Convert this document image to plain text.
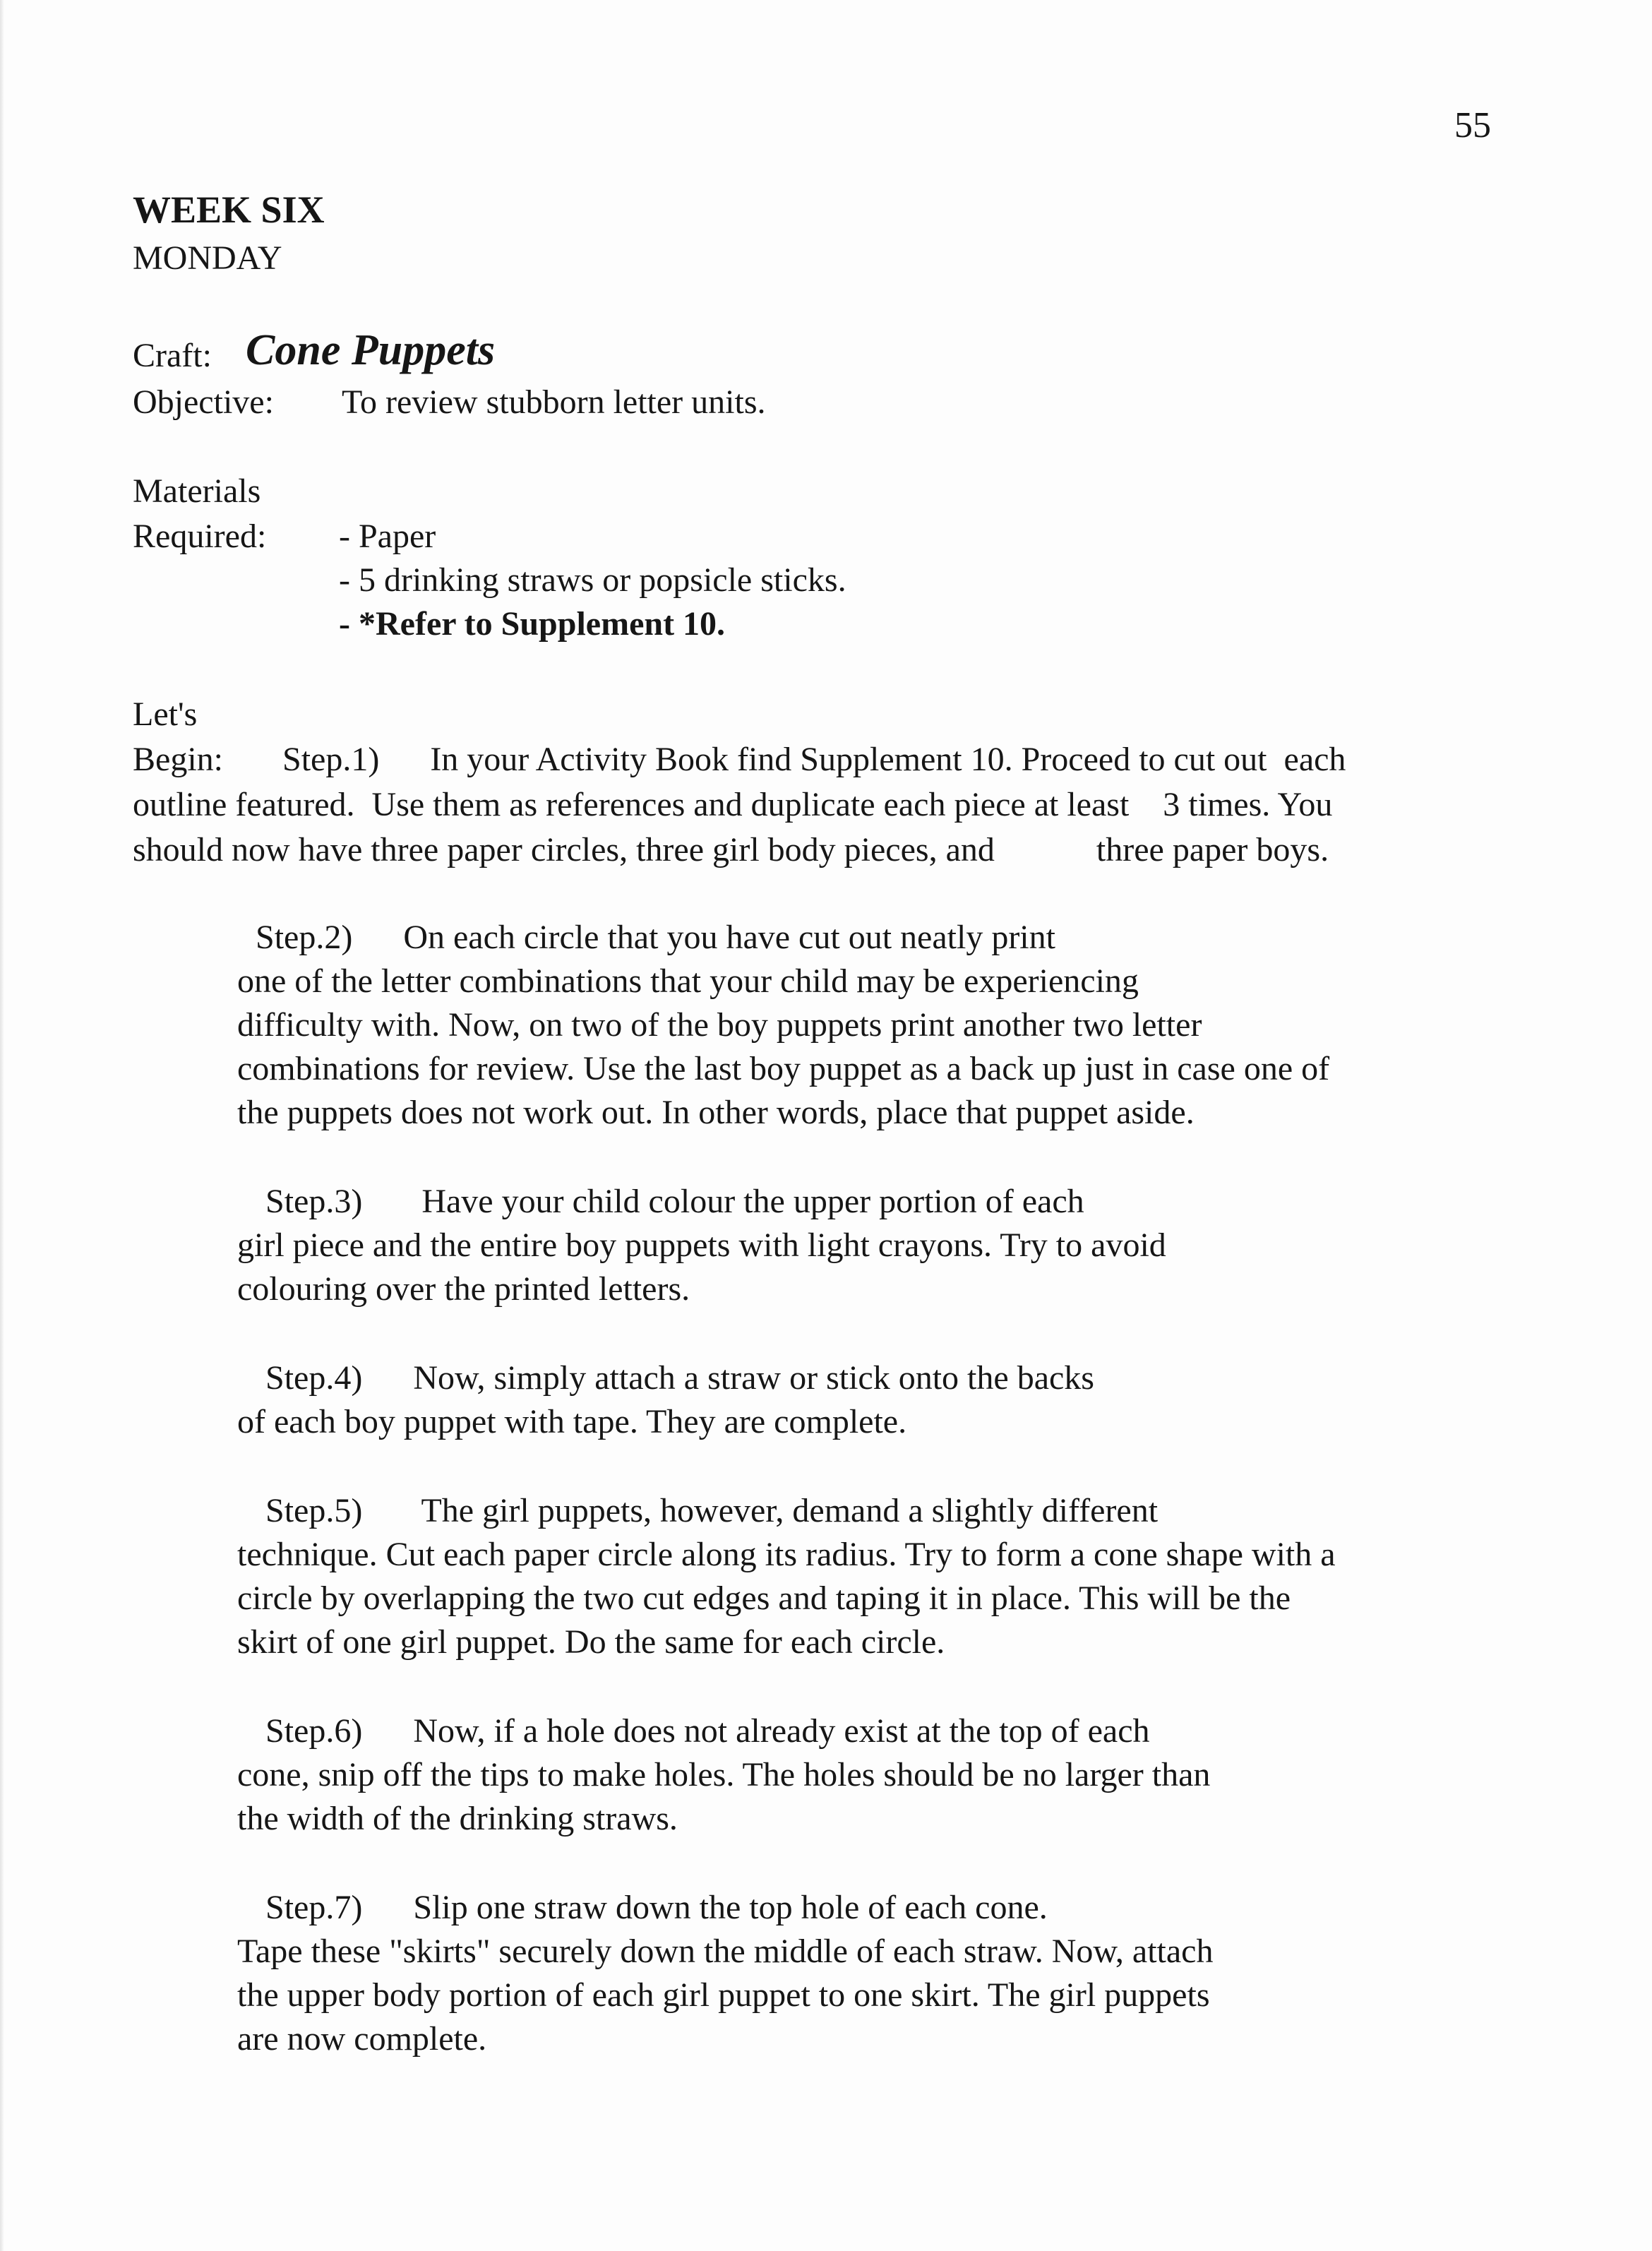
55
WEEK SIX
MONDAY
Craft: Cone Puppets
Objective: To review stubborn letter units.
Materials
Required: - Paper
- 5 drinking straws or popsicle sticks.
- *Refer to Supplement 10.
Let's
Begin: Step.1)      In your Activity Book find Supplement 10. Proceed to cut out  each
outline featured.  Use them as references and duplicate each piece at least    3 times. You
should now have three paper circles, three girl body pieces, and            three paper boys.
Step.2)      On each circle that you have cut out neatly print
one of the letter combinations that your child may be experiencing
difficulty with. Now, on two of the boy puppets print another two letter
combinations for review. Use the last boy puppet as a back up just in case one of
the puppets does not work out. In other words, place that puppet aside.
Step.3)       Have your child colour the upper portion of each
girl piece and the entire boy puppets with light crayons. Try to avoid
colouring over the printed letters.
Step.4)      Now, simply attach a straw or stick onto the backs
of each boy puppet with tape. They are complete.
Step.5)       The girl puppets, however, demand a slightly different
technique. Cut each paper circle along its radius. Try to form a cone shape with a
circle by overlapping the two cut edges and taping it in place. This will be the
skirt of one girl puppet. Do the same for each circle.
Step.6)      Now, if a hole does not already exist at the top of each
cone, snip off the tips to make holes. The holes should be no larger than
the width of the drinking straws.
Step.7)      Slip one straw down the top hole of each cone.
Tape these "skirts" securely down the middle of each straw. Now, attach
the upper body portion of each girl puppet to one skirt. The girl puppets
are now complete.
